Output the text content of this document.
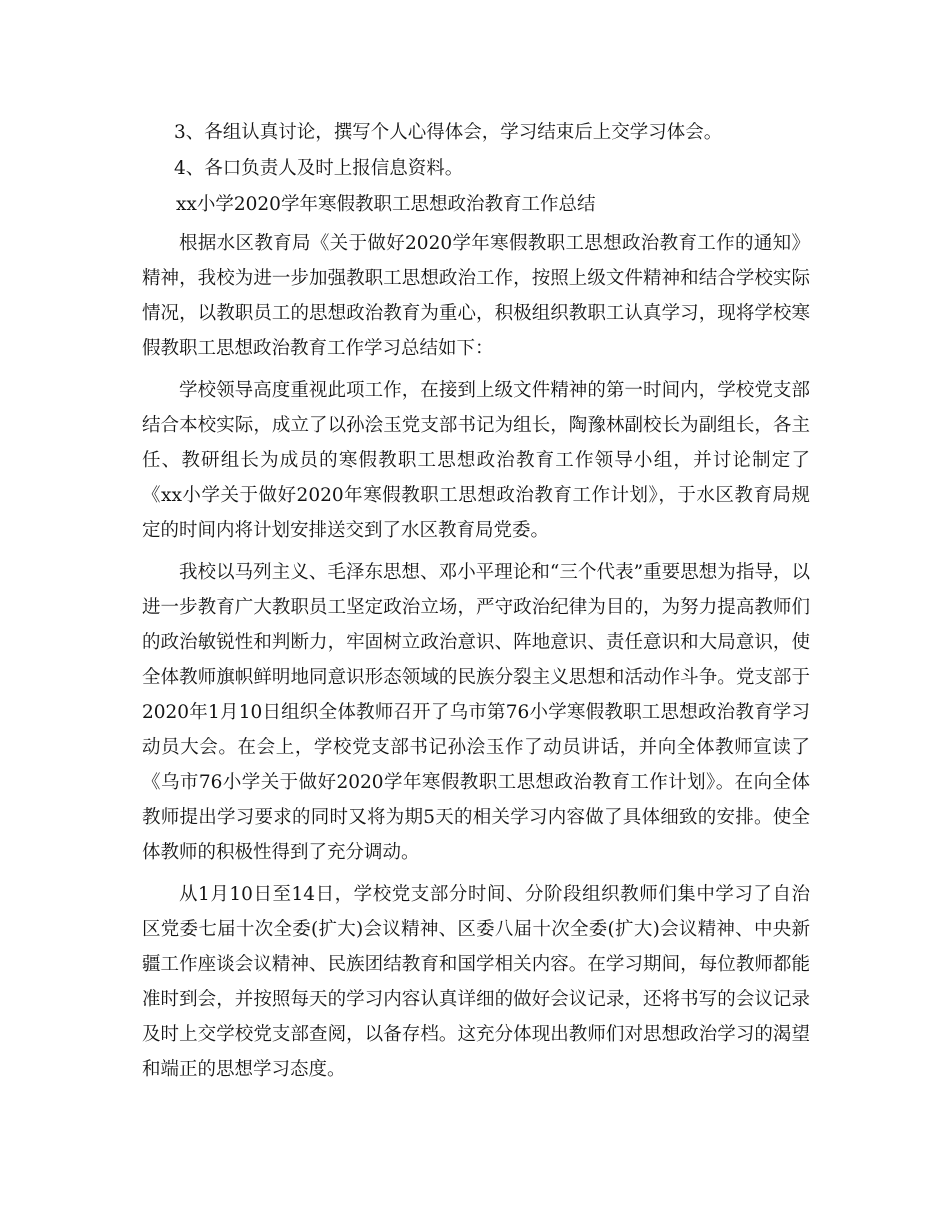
3、各组认真讨论，撰写个人心得体会，学习结束后上交学习体会。
4、各口负责人及时上报信息资料。
xx小学2020学年寒假教职工思想政治教育工作总结

根据水区教育局《关于做好2020学年寒假教职工思想政治教育工作的通知》精神，我校为进一步加强教职工思想政治工作，按照上级文件精神和结合学校实际情况，以教职员工的思想政治教育为重心，积极组织教职工认真学习，现将学校寒假教职工思想政治教育工作学习总结如下：

学校领导高度重视此项工作，在接到上级文件精神的第一时间内，学校党支部结合本校实际，成立了以孙浍玉党支部书记为组长，陶豫林副校长为副组长，各主任、教研组长为成员的寒假教职工思想政治教育工作领导小组，并讨论制定了《xx小学关于做好2020年寒假教职工思想政治教育工作计划》，于水区教育局规定的时间内将计划安排送交到了水区教育局党委。

我校以马列主义、毛泽东思想、邓小平理论和“三个代表”重要思想为指导，以进一步教育广大教职员工坚定政治立场，严守政治纪律为目的，为努力提高教师们的政治敏锐性和判断力，牢固树立政治意识、阵地意识、责任意识和大局意识，使全体教师旗帜鲜明地同意识形态领域的民族分裂主义思想和活动作斗争。党支部于2020年1月10日组织全体教师召开了乌市第76小学寒假教职工思想政治教育学习动员大会。在会上，学校党支部书记孙浍玉作了动员讲话，并向全体教师宣读了《乌市76小学关于做好2020学年寒假教职工思想政治教育工作计划》。在向全体教师提出学习要求的同时又将为期5天的相关学习内容做了具体细致的安排。使全体教师的积极性得到了充分调动。

从1月10日至14日，学校党支部分时间、分阶段组织教师们集中学习了自治区党委七届十次全委(扩大)会议精神、区委八届十次全委(扩大)会议精神、中央新疆工作座谈会议精神、民族团结教育和国学相关内容。在学习期间，每位教师都能准时到会，并按照每天的学习内容认真详细的做好会议记录，还将书写的会议记录及时上交学校党支部查阅，以备存档。这充分体现出教师们对思想政治学习的渴望和端正的思想学习态度。
